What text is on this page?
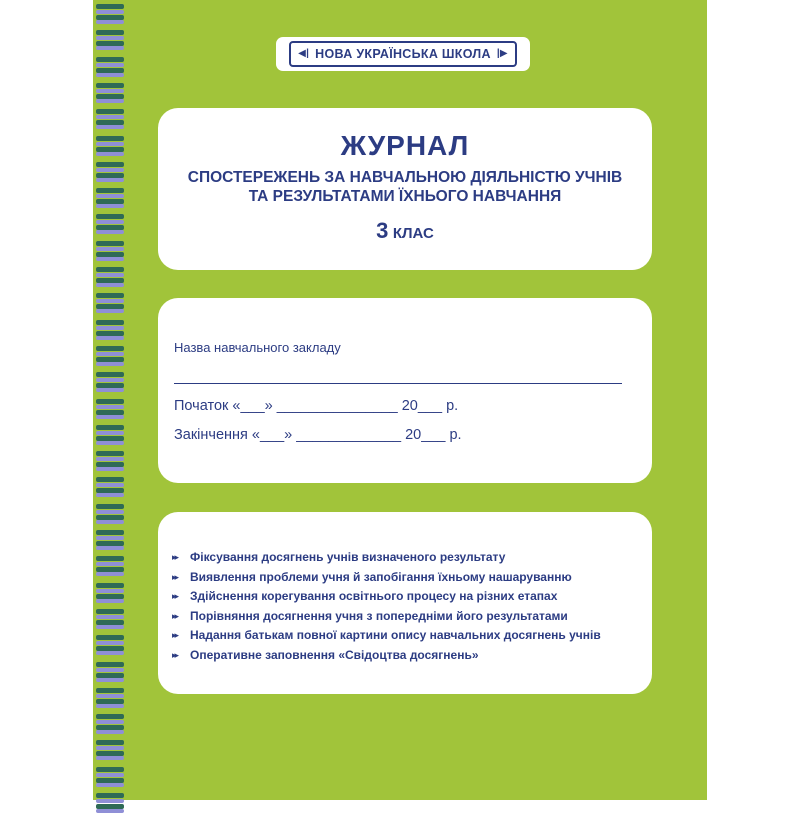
◀| НОВА УКРАЇНСЬКА ШКОЛА |▶
ЖУРНАЛ
СПОСТЕРЕЖЕНЬ ЗА НАВЧАЛЬНОЮ ДІЯЛЬНІСТЮ УЧНІВ
ТА РЕЗУЛЬТАТАМИ ЇХНЬОГО НАВЧАННЯ
3 КЛАС
Назва навчального закладу
Початок «___» _______________ 20___ р.
Закінчення «___» _____________ 20___ р.
▸▸	Фіксування досягнень учнів визначеного результату
▸▸	Виявлення проблеми учня й запобігання їхньому нашаруванню
▸▸	Здійснення корегування освітнього процесу на різних етапах
▸▸	Порівняння досягнення учня з попередніми його результатами
▸▸	Надання батькам повної картини опису навчальних досягнень учнів
▸▸	Оперативне заповнення «Свідоцтва досягнень»
